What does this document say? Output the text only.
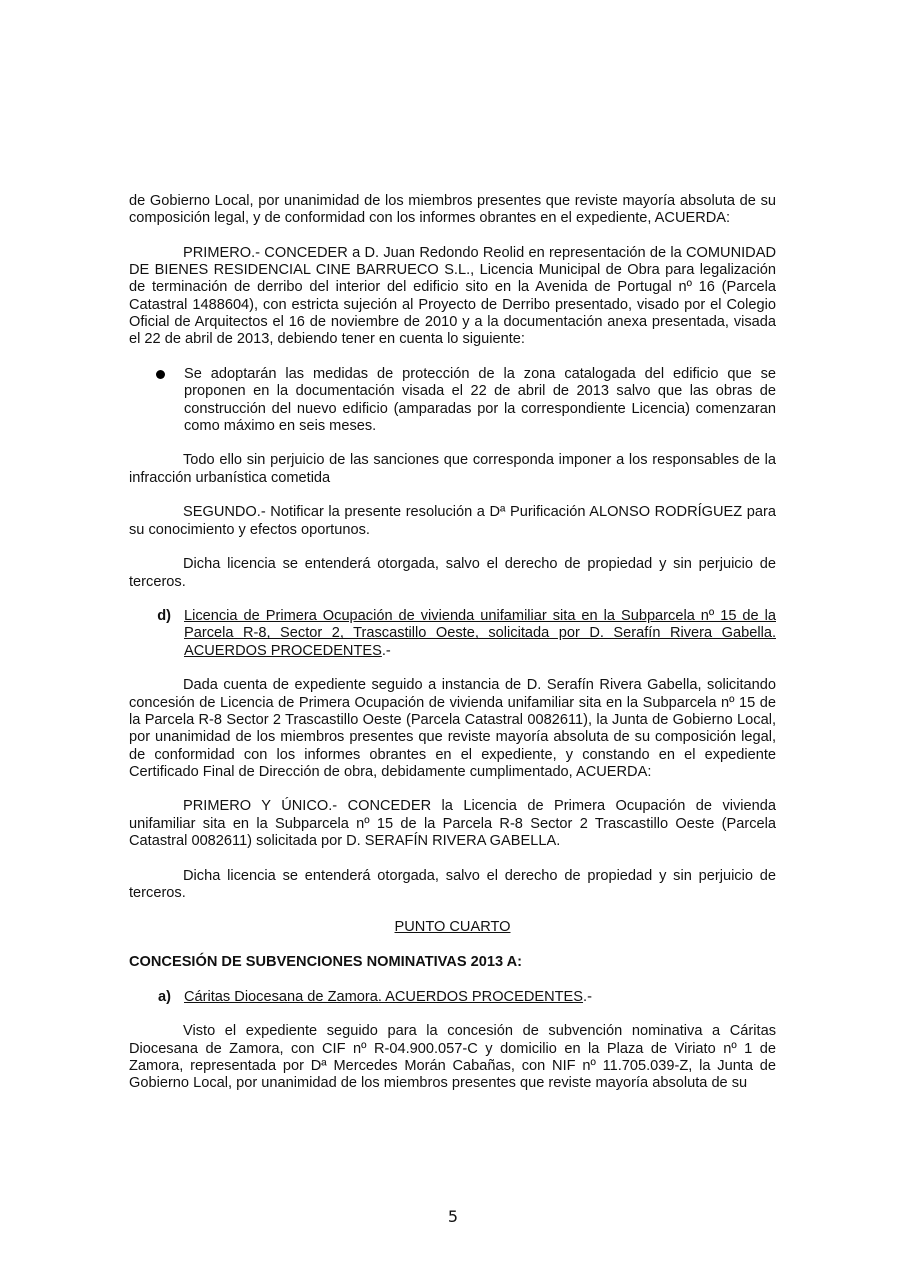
de Gobierno Local, por unanimidad de los miembros presentes que reviste mayoría absoluta de su composición legal, y de conformidad con los informes obrantes en el expediente, ACUERDA:

PRIMERO.- CONCEDER a D. Juan Redondo Reolid en representación de la COMUNIDAD DE BIENES RESIDENCIAL CINE BARRUECO S.L., Licencia Municipal de Obra para legalización de terminación de derribo del interior del edificio sito en la Avenida de Portugal nº 16 (Parcela Catastral 1488604), con estricta sujeción al Proyecto de Derribo presentado, visado por el Colegio Oficial de Arquitectos el 16 de noviembre de 2010 y a la documentación anexa presentada, visada el 22 de abril de 2013, debiendo tener en cuenta lo siguiente:

Se adoptarán las medidas de protección de la zona catalogada del edificio que se proponen en la documentación visada el 22 de abril de 2013 salvo que las obras de construcción del nuevo edificio (amparadas por la correspondiente Licencia) comenzaran como máximo en seis meses.

Todo ello sin perjuicio de las sanciones que corresponda imponer a los responsables de la infracción urbanística cometida

SEGUNDO.- Notificar la presente resolución a Dª Purificación ALONSO RODRÍGUEZ para su conocimiento y efectos oportunos.

Dicha licencia se entenderá otorgada, salvo el derecho de propiedad y sin perjuicio de terceros.

d) Licencia de Primera Ocupación de vivienda unifamiliar sita en la Subparcela nº 15 de la Parcela R-8, Sector 2, Trascastillo Oeste, solicitada por D. Serafín Rivera Gabella. ACUERDOS PROCEDENTES.-

Dada cuenta de expediente seguido a instancia de D. Serafín Rivera Gabella, solicitando concesión de Licencia de Primera Ocupación de vivienda unifamiliar sita en la Subparcela nº 15 de la Parcela R-8 Sector 2 Trascastillo Oeste (Parcela Catastral 0082611), la Junta de Gobierno Local, por unanimidad de los miembros presentes que reviste mayoría absoluta de su composición legal, de conformidad con los informes obrantes en el expediente, y constando en el expediente Certificado Final de Dirección de obra, debidamente cumplimentado, ACUERDA:

PRIMERO Y ÚNICO.- CONCEDER la Licencia de Primera Ocupación de vivienda unifamiliar sita en la Subparcela nº 15 de la Parcela R-8 Sector 2 Trascastillo Oeste (Parcela Catastral 0082611) solicitada por D. SERAFÍN RIVERA GABELLA.

Dicha licencia se entenderá otorgada, salvo el derecho de propiedad y sin perjuicio de terceros.

PUNTO CUARTO

CONCESIÓN DE SUBVENCIONES NOMINATIVAS 2013 A:

a) Cáritas Diocesana de Zamora. ACUERDOS PROCEDENTES.-

Visto el expediente seguido para la concesión de subvención nominativa a Cáritas Diocesana de Zamora, con CIF nº R-04.900.057-C y domicilio en la Plaza de Viriato nº 1 de Zamora, representada por Dª Mercedes Morán Cabañas, con NIF nº 11.705.039-Z, la Junta de Gobierno Local, por unanimidad de los miembros presentes que reviste mayoría absoluta de su

5
